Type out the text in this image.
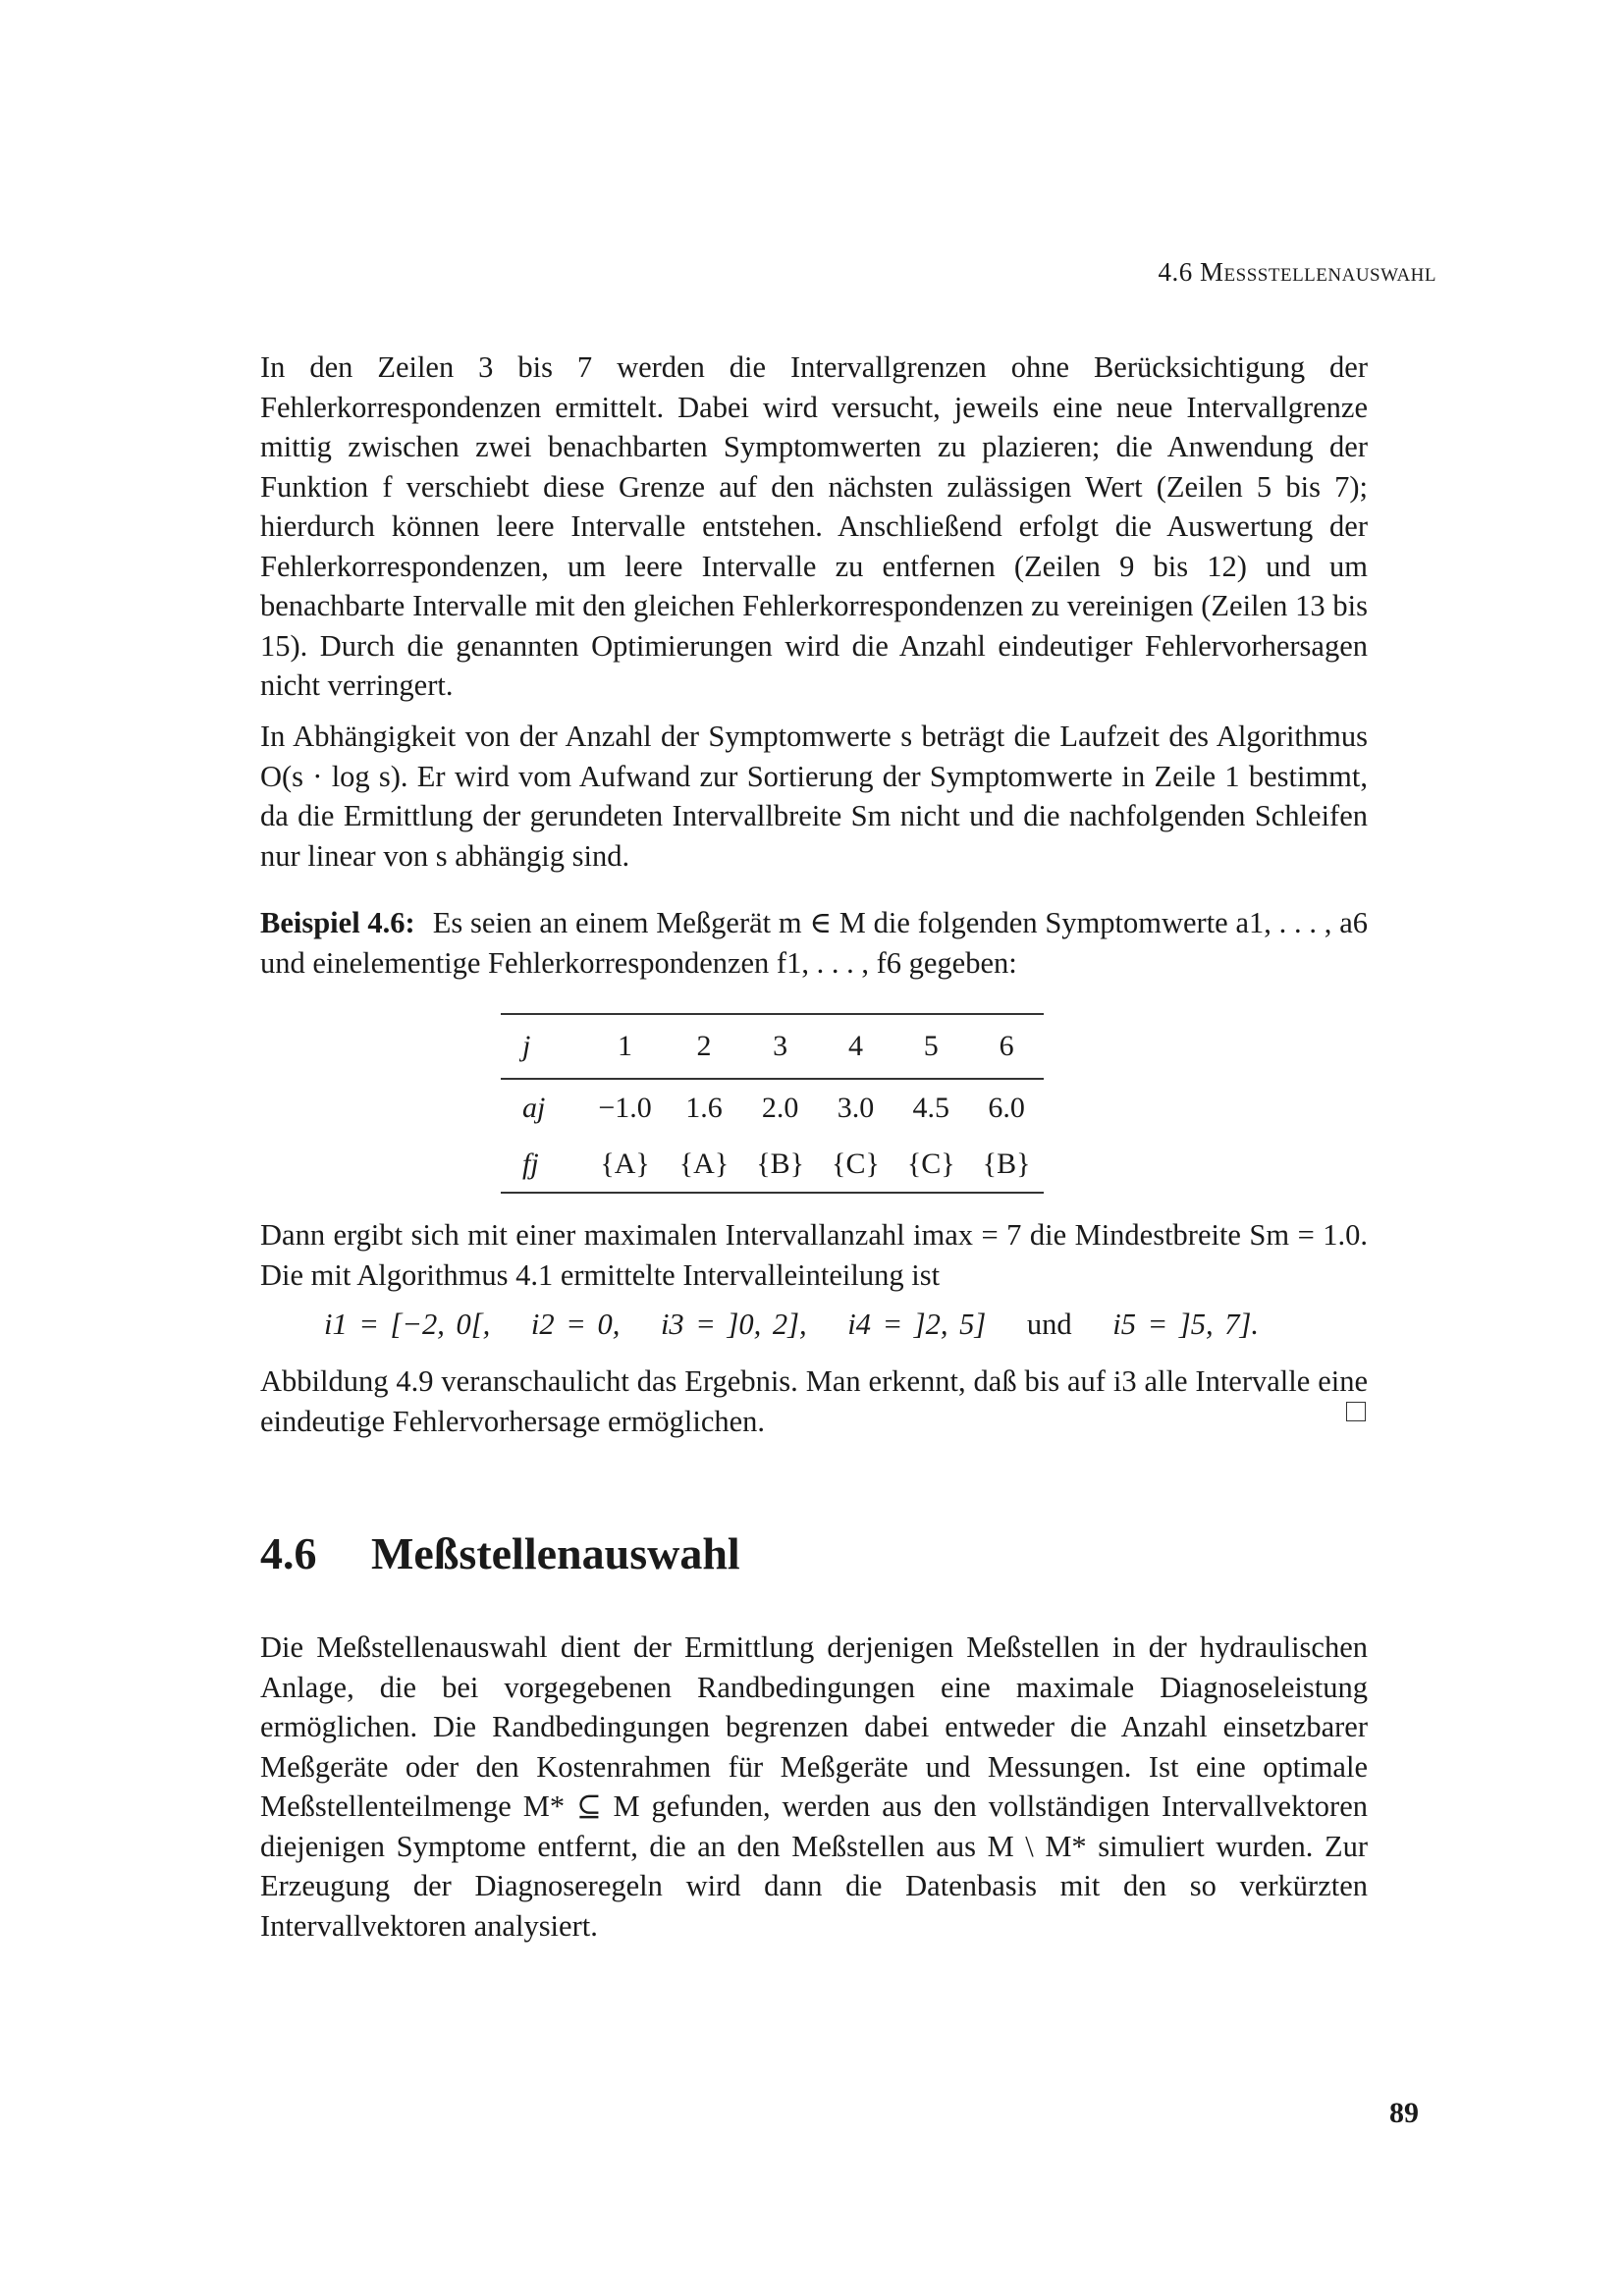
4.6 Messstellenauswahl

In den Zeilen 3 bis 7 werden die Intervallgrenzen ohne Berücksichtigung der Fehlerkorrespondenzen ermittelt. Dabei wird versucht, jeweils eine neue Intervallgrenze mittig zwischen zwei benachbarten Symptomwerten zu plazieren; die Anwendung der Funktion f verschiebt diese Grenze auf den nächsten zulässigen Wert (Zeilen 5 bis 7); hierdurch können leere Intervalle entstehen. Anschließend erfolgt die Auswertung der Fehlerkorrespondenzen, um leere Intervalle zu entfernen (Zeilen 9 bis 12) und um benachbarte Intervalle mit den gleichen Fehlerkorrespondenzen zu vereinigen (Zeilen 13 bis 15). Durch die genannten Optimierungen wird die Anzahl eindeutiger Fehlervorhersagen nicht verringert.

In Abhängigkeit von der Anzahl der Symptomwerte s beträgt die Laufzeit des Algorithmus O(s · log s). Er wird vom Aufwand zur Sortierung der Symptomwerte in Zeile 1 bestimmt, da die Ermittlung der gerundeten Intervallbreite Sm nicht und die nachfolgenden Schleifen nur linear von s abhängig sind.

Beispiel 4.6: Es seien an einem Meßgerät m ∈ M die folgenden Symptomwerte a1, . . . , a6 und einelementige Fehlerkorrespondenzen f1, . . . , f6 gegeben:

j	1	2	3	4	5	6
aj	−1.0	1.6	2.0	3.0	4.5	6.0
fj	{A}	{A}	{B}	{C}	{C}	{B}

Dann ergibt sich mit einer maximalen Intervallanzahl imax = 7 die Mindestbreite Sm = 1.0. Die mit Algorithmus 4.1 ermittelte Intervalleinteilung ist

i1 = [−2, 0[, i2 = 0, i3 = ]0, 2], i4 = ]2, 5] und i5 = ]5, 7].

Abbildung 4.9 veranschaulicht das Ergebnis. Man erkennt, daß bis auf i3 alle Intervalle eine eindeutige Fehlervorhersage ermöglichen.

4.6 Meßstellenauswahl

Die Meßstellenauswahl dient der Ermittlung derjenigen Meßstellen in der hydraulischen Anlage, die bei vorgegebenen Randbedingungen eine maximale Diagnoseleistung ermöglichen. Die Randbedingungen begrenzen dabei entweder die Anzahl einsetzbarer Meßgeräte oder den Kostenrahmen für Meßgeräte und Messungen. Ist eine optimale Meßstellenteilmenge M* ⊆ M gefunden, werden aus den vollständigen Intervallvektoren diejenigen Symptome entfernt, die an den Meßstellen aus M \ M* simuliert wurden. Zur Erzeugung der Diagnoseregeln wird dann die Datenbasis mit den so verkürzten Intervallvektoren analysiert.

89
